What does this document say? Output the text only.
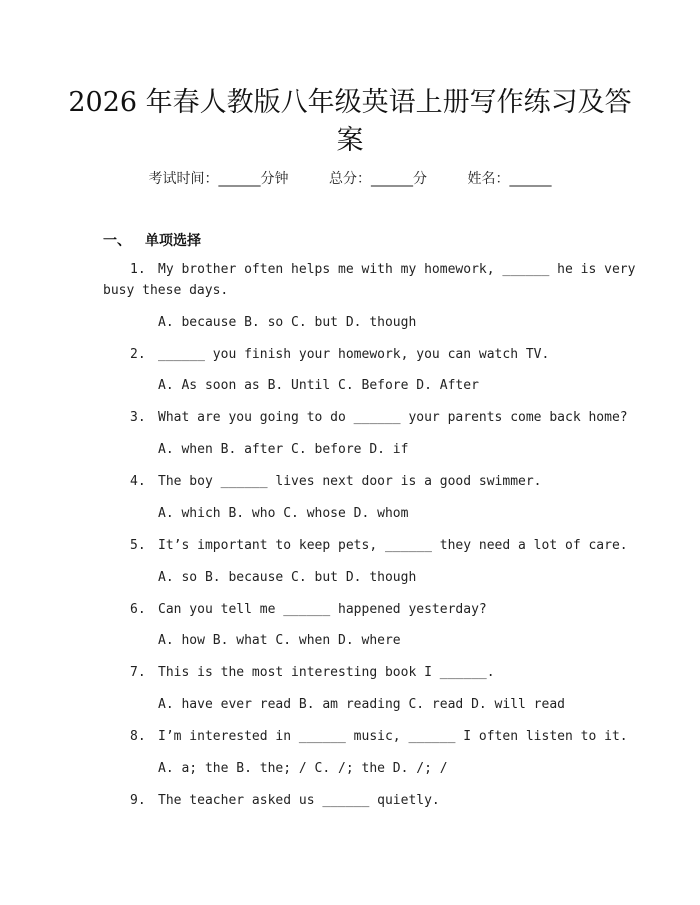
2026 年春人教版八年级英语上册写作练习及答案
考试时间：______分钟	总分：______分	姓名：______
一、 单项选择
1. My brother often helps me with my homework, ______ he is very
busy these days.
A. because B. so C. but D. though
2. ______ you finish your homework, you can watch TV.
A. As soon as B. Until C. Before D. After
3. What are you going to do ______ your parents come back home?
A. when B. after C. before D. if
4. The boy ______ lives next door is a good swimmer.
A. which B. who C. whose D. whom
5. It’s important to keep pets, ______ they need a lot of care.
A. so B. because C. but D. though
6. Can you tell me ______ happened yesterday?
A. how B. what C. when D. where
7. This is the most interesting book I ______.
A. have ever read B. am reading C. read D. will read
8. I’m interested in ______ music, ______ I often listen to it.
A. a; the B. the; / C. /; the D. /; /
9. The teacher asked us ______ quietly.
